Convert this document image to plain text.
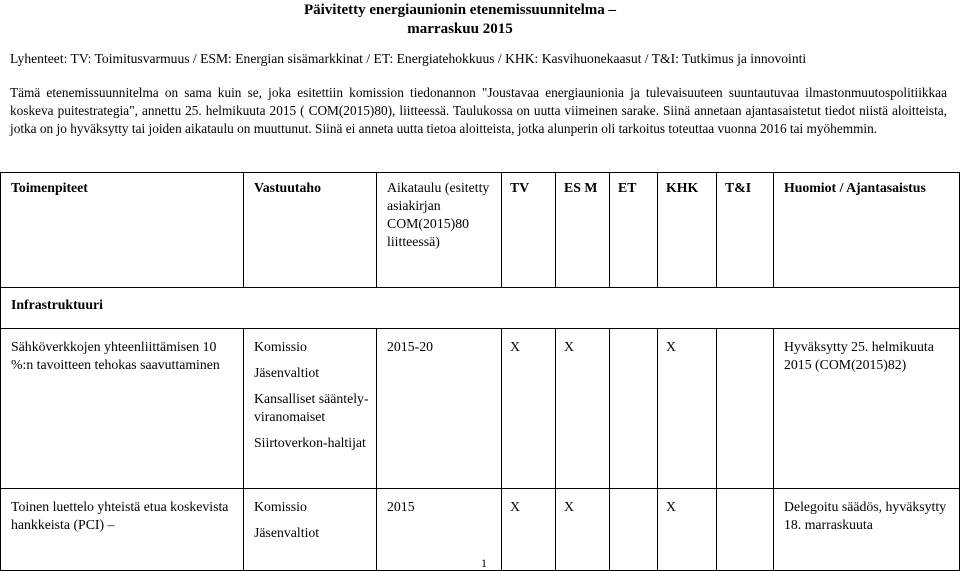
Päivitetty energiaunionin etenemissuunnitelma –
marraskuu 2015
Lyhenteet: TV: Toimitusvarmuus / ESM: Energian sisämarkkinat / ET: Energiatehokkuus / KHK: Kasvihuonekaasut / T&I: Tutkimus ja innovointi
Tämä etenemissuunnitelma on sama kuin se, joka esitettiin komission tiedonannon "Joustavaa energiaunionia ja tulevaisuuteen suuntautuvaa ilmastonmuutospolitiikkaa koskeva puitestrategia", annettu 25. helmikuuta 2015 ( COM(2015)80), liitteessä. Taulukossa on uutta viimeinen sarake. Siinä annetaan ajantasaistetut tiedot niistä aloitteista, jotka on jo hyväksytty tai joiden aikataulu on muuttunut. Siinä ei anneta uutta tietoa aloitteista, jotka alunperin oli tarkoitus toteuttaa vuonna 2016 tai myöhemmin.
Toimenpiteet	Vastuutaho	Aikataulu (esitetty asiakirjan COM(2015)80 liitteessä)	TV	ES M	ET	KHK	T&I	Huomiot / Ajantasaistus
Infrastruktuuri								
Sähköverkkojen yhteenliittämisen 10 %:n tavoitteen tehokas saavuttaminen	Komissio
Jäsenvaltiot
Kansalliset sääntely-viranomaiset
Siirtoverkon-haltijat	2015-20	X	X		X		Hyväksytty 25. helmikuuta 2015 (COM(2015)82)
Toinen luettelo yhteistä etua koskevista hankkeista (PCI) –	Komissio
Jäsenvaltiot	2015	X	X		X		Delegoitu säädös, hyväksytty 18. marraskuuta
1
